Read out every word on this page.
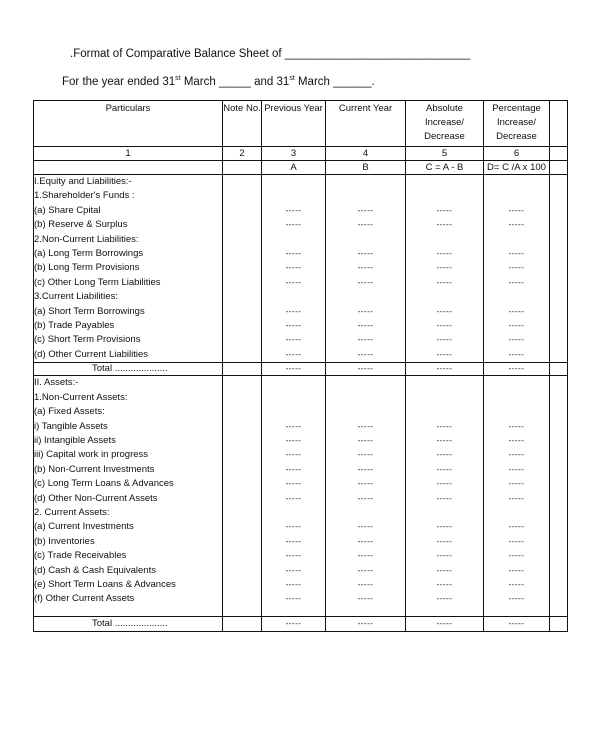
.Format of Comparative Balance Sheet of _____________________________
For the year ended 31st March _____ and 31st March ______.
Particulars	Note No.	Previous Year	Current Year	Absolute Increase/ Decrease	Percentage Increase/ Decrease	
1	2	3	4	5	6	
		A	B	C = A - B	D= C /A x 100	
I.Equity and Liabilities:-						
1.Shareholder's Funds :						
(a) Share Cpital		-----	-----	-----	-----	
(b) Reserve & Surplus		-----	-----	-----	-----	
2.Non-Current Liabilities:						
(a) Long Term Borrowings		-----	-----	-----	-----	
(b) Long Term Provisions		-----	-----	-----	-----	
(c) Other Long Term Liabilities		-----	-----	-----	-----	
3.Current Liabilities:						
(a) Short Term Borrowings		-----	-----	-----	-----	
(b) Trade Payables		-----	-----	-----	-----	
(c) Short Term Provisions		-----	-----	-----	-----	
(d) Other Current Liabilities		-----	-----	-----	-----	
Total ....................		-----	-----	-----	-----	
II. Assets:-						
1.Non-Current Assets:						
(a) Fixed Assets:						
i) Tangible Assets		-----	-----	-----	-----	
ii) Intangible Assets		-----	-----	-----	-----	
iii) Capital work in progress		-----	-----	-----	-----	
(b) Non-Current Investments		-----	-----	-----	-----	
(c) Long Term Loans & Advances		-----	-----	-----	-----	
(d) Other Non-Current Assets		-----	-----	-----	-----	
2. Current Assets:						
(a) Current Investments		-----	-----	-----	-----	
(b) Inventories		-----	-----	-----	-----	
(c) Trade Receivables		-----	-----	-----	-----	
(d) Cash & Cash Equivalents		-----	-----	-----	-----	
(e) Short Term Loans & Advances		-----	-----	-----	-----	
(f) Other Current Assets		-----	-----	-----	-----	

Total ....................		-----	-----	-----	-----	
